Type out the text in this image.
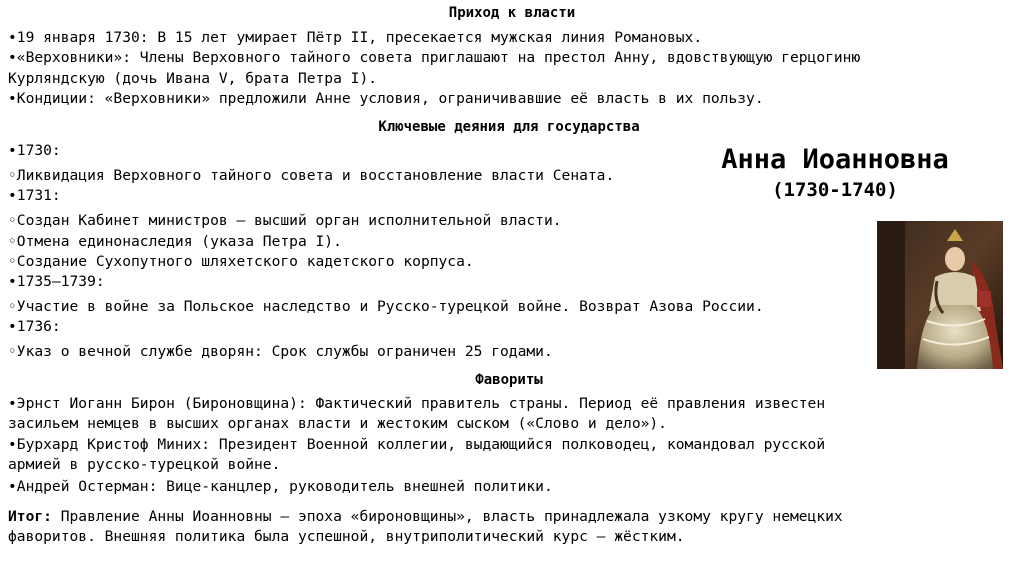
Приход к власти

•19 января 1730: В 15 лет умирает Пётр II, пресекается мужская линия Романовых.

•«Верховники»: Члены Верховного тайного совета приглашают на престол Анну, вдовствующую герцогиню

Курляндскую (дочь Ивана V, брата Петра I).

•Кондиции: «Верховники» предложили Анне условия, ограничивавшие её власть в их пользу.

Ключевые деяния для государства

•1730:

◦Ликвидация Верховного тайного совета и восстановление власти Сената.

•1731:

◦Создан Кабинет министров — высший орган исполнительной власти.

◦Отмена единонаследия (указа Петра I).

◦Создание Сухопутного шляхетского кадетского корпуса.

•1735–1739:

◦Участие в войне за Польское наследство и Русско-турецкой войне. Возврат Азова России.

•1736:

◦Указ о вечной службе дворян: Срок службы ограничен 25 годами.

Анна Иоанновна
(1730-1740)
Фавориты

•Эрнст Иоганн Бирон (Бироновщина): Фактический правитель страны. Период её правления известен

засильем немцев в высших органах власти и жестоким сыском («Слово и дело»).

•Бурхард Кристоф Миних: Президент Военной коллегии, выдающийся полководец, командовал русской

армией в русско-турецкой войне.

•Андрей Остерман: Вице-канцлер, руководитель внешней политики.

Итог: Правление Анны Иоанновны — эпоха «бироновщины», власть принадлежала узкому кругу немецких

фаворитов. Внешняя политика была успешной, внутриполитический курс — жёстким.
